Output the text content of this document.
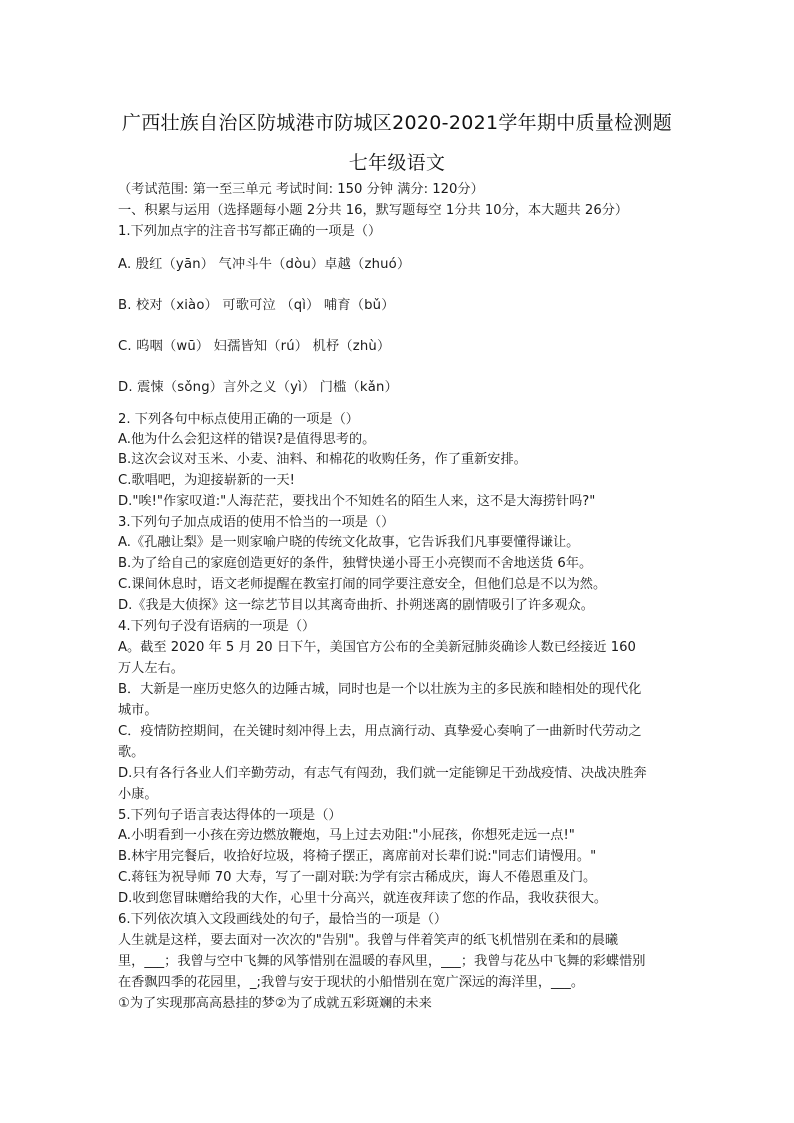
广西壮族自治区防城港市防城区2020-2021学年期中质量检测题
七年级语文
（考试范围: 第一至三单元 考试时间: 150 分钟 满分: 120分）
一、积累与运用（选择题每小题 2分共 16，默写题每空 1分共 10分，本大题共 26分）
1.下列加点字的注音书写都正确的一项是（）
A. 殷红（yān） 气冲斗牛（dòu）卓越（zhuó）
B. 校对（xiào） 可歌可泣 （qì） 哺育（bǔ）
C. 呜咽（wū） 妇孺皆知（rú） 机杼（zhù）
D. 震悚（sǒng）言外之义（yì） 门槛（kǎn）
2. 下列各句中标点使用正确的一项是（）
A.他为什么会犯这样的错误?是值得思考的。
B.这次会议对玉米、小麦、油料、和棉花的收购任务，作了重新安排。
C.歌唱吧，为迎接崭新的一天!
D."唉!"作家叹道:"人海茫茫，要找出个不知姓名的陌生人来，这不是大海捞针吗?"
3.下列句子加点成语的使用不恰当的一项是（）
A.《孔融让梨》是一则家喻户晓的传统文化故事，它告诉我们凡事要懂得谦让。
B.为了给自己的家庭创造更好的条件，独臂快递小哥王小亮锲而不舍地送货 6年。
C.课间休息时，语文老师提醒在教室打闹的同学要注意安全，但他们总是不以为然。
D.《我是大侦探》这一综艺节目以其离奇曲折、扑朔迷离的剧情吸引了许多观众。
4.下列句子没有语病的一项是（）
A。截至 2020 年 5 月 20 日下午，美国官方公布的全美新冠肺炎确诊人数已经接近 160
万人左右。
B．大新是一座历史悠久的边陲古城，同时也是一个以壮族为主的多民族和睦相处的现代化
城市。
C．疫情防控期间，在关键时刻冲得上去，用点滴行动、真挚爱心奏响了一曲新时代劳动之
歌。
D.只有各行各业人们辛勤劳动，有志气有闯劲，我们就一定能铆足干劲战疫情、决战决胜奔
小康。
5.下列句子语言表达得体的一项是（）
A.小明看到一小孩在旁边燃放鞭炮，马上过去劝阻:"小屁孩，你想死走远一点!"
B.林宇用完餐后，收拾好垃圾，将椅子摆正，离席前对长辈们说:"同志们请慢用。"
C.蒋钰为祝导师 70 大寿，写了一副对联:为学有宗古稀成庆，诲人不倦恩重及门。
D.收到您冒昧赠给我的大作，心里十分高兴，就连夜拜读了您的作品，我收获很大。
6.下列依次填入文段画线处的句子，最恰当的一项是（）
人生就是这样，要去面对一次次的"告别"。我曾与伴着笑声的纸飞机惜别在柔和的晨曦
里，___；我曾与空中飞舞的风筝惜别在温暖的春风里，___；我曾与花丛中飞舞的彩蝶惜别
在香飘四季的花园里，_;我曾与安于现状的小船惜别在宽广深远的海洋里，___。
①为了实现那高高悬挂的梦②为了成就五彩斑斓的未来
